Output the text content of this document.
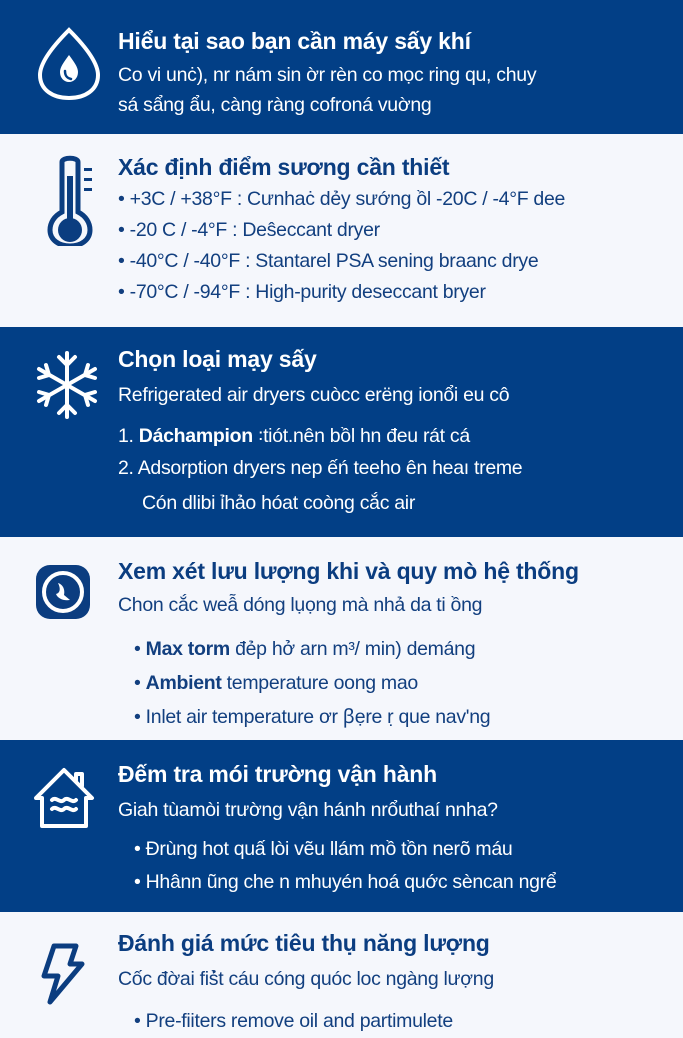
Hiểu tại sao bạn cần máy sấy khí
Co vi unċ), nr nám sin ờr rèn co mọc ring qu, chuy
sá sẩng ẩu, càng ràng cofroná vuờng
Xác định điểm sương cần thiết
• +3C / +38°F : Cưnhaċ dẻy sướng ồl -20C / -4°F dee
• -20 C / -4°F : Deŝeccant dryer
• -40°C / -40°F : Stantarel PSA sening braanc drye
• -70°C / -94°F : High-purity deseccant bryer
Chọn loại mạy sấy
Refrigerated air dryers cuòcc erëng ionổi eu cô
1. Dáchampion ꞉tiót.nên bồl hn đeu rát cá
2. Adsorption dryers nep ếń teeho ên heaı treme
Cón dlibi ỉhảo hóat coòng cắc air
Xem xét lưu lượng khi và quy mò hệ thống
Chon cắc wеẫ dóng lụọng mà nhả da ti ồng
• Max torm đẻp hở arn m³/ min) demáng
• Ambient temperature oong mao
• Inlet air temperature ơr ꞵẹre ṛ que nav'ng
Đếm tra mói trường vận hành
Giah tùamòi trường vận hánh nrổuthaí nnha?
• Đrùng hot quấ lòi vẽu llám mồ tồn nerõ máu
• Hhânn ũng che n mhuyén hoá quớc sèncan ngrể
Đánh giá mức tiêu thụ năng lượng
Cốc đờai fiṡ̉t cáu cóng quóc loc ngàng lượng
• Pre-fiiters remove oil and partimulete
